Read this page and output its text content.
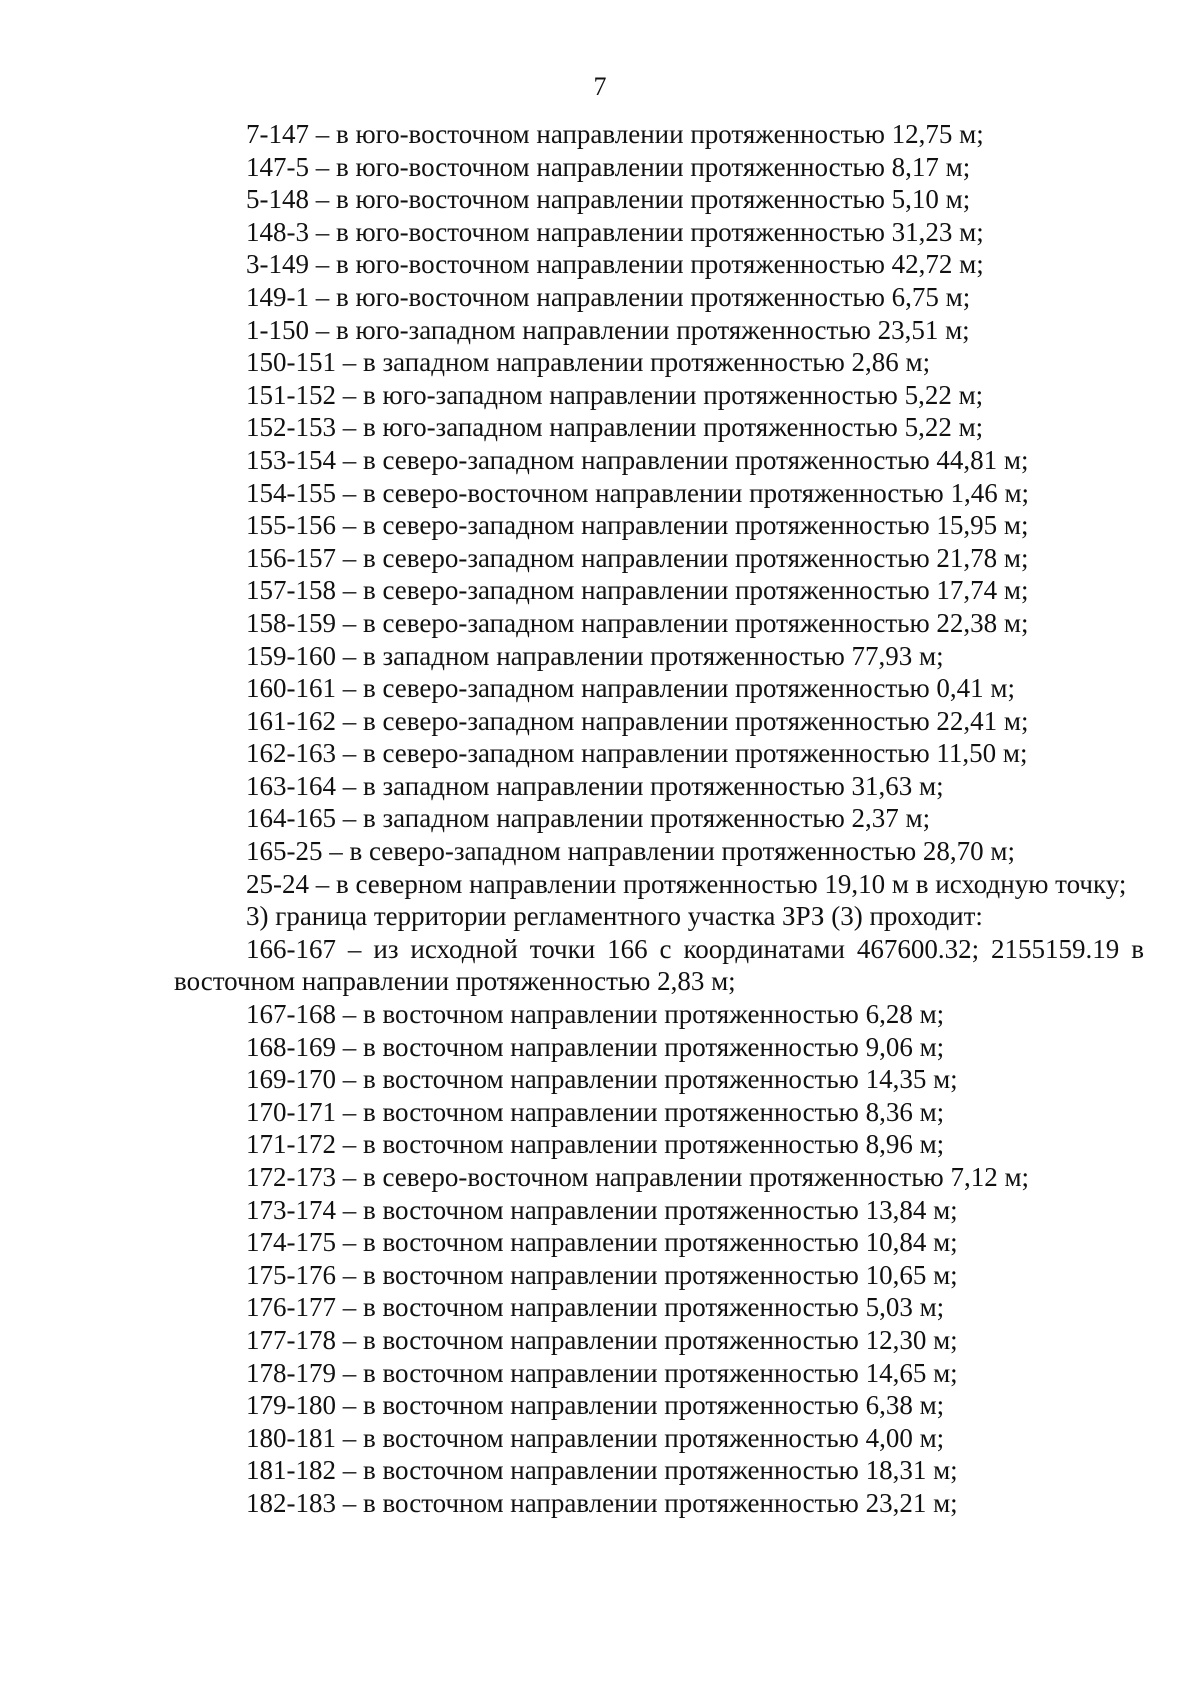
7
7-147 – в юго-восточном направлении протяженностью 12,75 м;
147-5 – в юго-восточном направлении протяженностью 8,17 м;
5-148 – в юго-восточном направлении протяженностью 5,10 м;
148-3 – в юго-восточном направлении протяженностью 31,23 м;
3-149 – в юго-восточном направлении протяженностью 42,72 м;
149-1 – в юго-восточном направлении протяженностью 6,75 м;
1-150 – в юго-западном направлении протяженностью 23,51 м;
150-151 – в западном направлении протяженностью 2,86 м;
151-152 – в юго-западном направлении протяженностью 5,22 м;
152-153 – в юго-западном направлении протяженностью 5,22 м;
153-154 – в северо-западном направлении протяженностью 44,81 м;
154-155 – в северо-восточном направлении протяженностью 1,46 м;
155-156 – в северо-западном направлении протяженностью 15,95 м;
156-157 – в северо-западном направлении протяженностью 21,78 м;
157-158 – в северо-западном направлении протяженностью 17,74 м;
158-159 – в северо-западном направлении протяженностью 22,38 м;
159-160 – в западном направлении протяженностью 77,93 м;
160-161 – в северо-западном направлении протяженностью 0,41 м;
161-162 – в северо-западном направлении протяженностью 22,41 м;
162-163 – в северо-западном направлении протяженностью 11,50 м;
163-164 – в западном направлении протяженностью 31,63 м;
164-165 – в западном направлении протяженностью 2,37 м;
165-25 – в северо-западном направлении протяженностью 28,70 м;
25-24 – в северном направлении протяженностью 19,10 м в исходную точку;
3) граница территории регламентного участка ЗРЗ (3) проходит:
166-167 – из исходной точки 166 с координатами 467600.32; 2155159.19 в восточном направлении протяженностью 2,83 м;
167-168 – в восточном направлении протяженностью 6,28 м;
168-169 – в восточном направлении протяженностью 9,06 м;
169-170 – в восточном направлении протяженностью 14,35 м;
170-171 – в восточном направлении протяженностью 8,36 м;
171-172 – в восточном направлении протяженностью 8,96 м;
172-173 – в северо-восточном направлении протяженностью 7,12 м;
173-174 – в восточном направлении протяженностью 13,84 м;
174-175 – в восточном направлении протяженностью 10,84 м;
175-176 – в восточном направлении протяженностью 10,65 м;
176-177 – в восточном направлении протяженностью 5,03 м;
177-178 – в восточном направлении протяженностью 12,30 м;
178-179 – в восточном направлении протяженностью 14,65 м;
179-180 – в восточном направлении протяженностью 6,38 м;
180-181 – в восточном направлении протяженностью 4,00 м;
181-182 – в восточном направлении протяженностью 18,31 м;
182-183 – в восточном направлении протяженностью 23,21 м;
